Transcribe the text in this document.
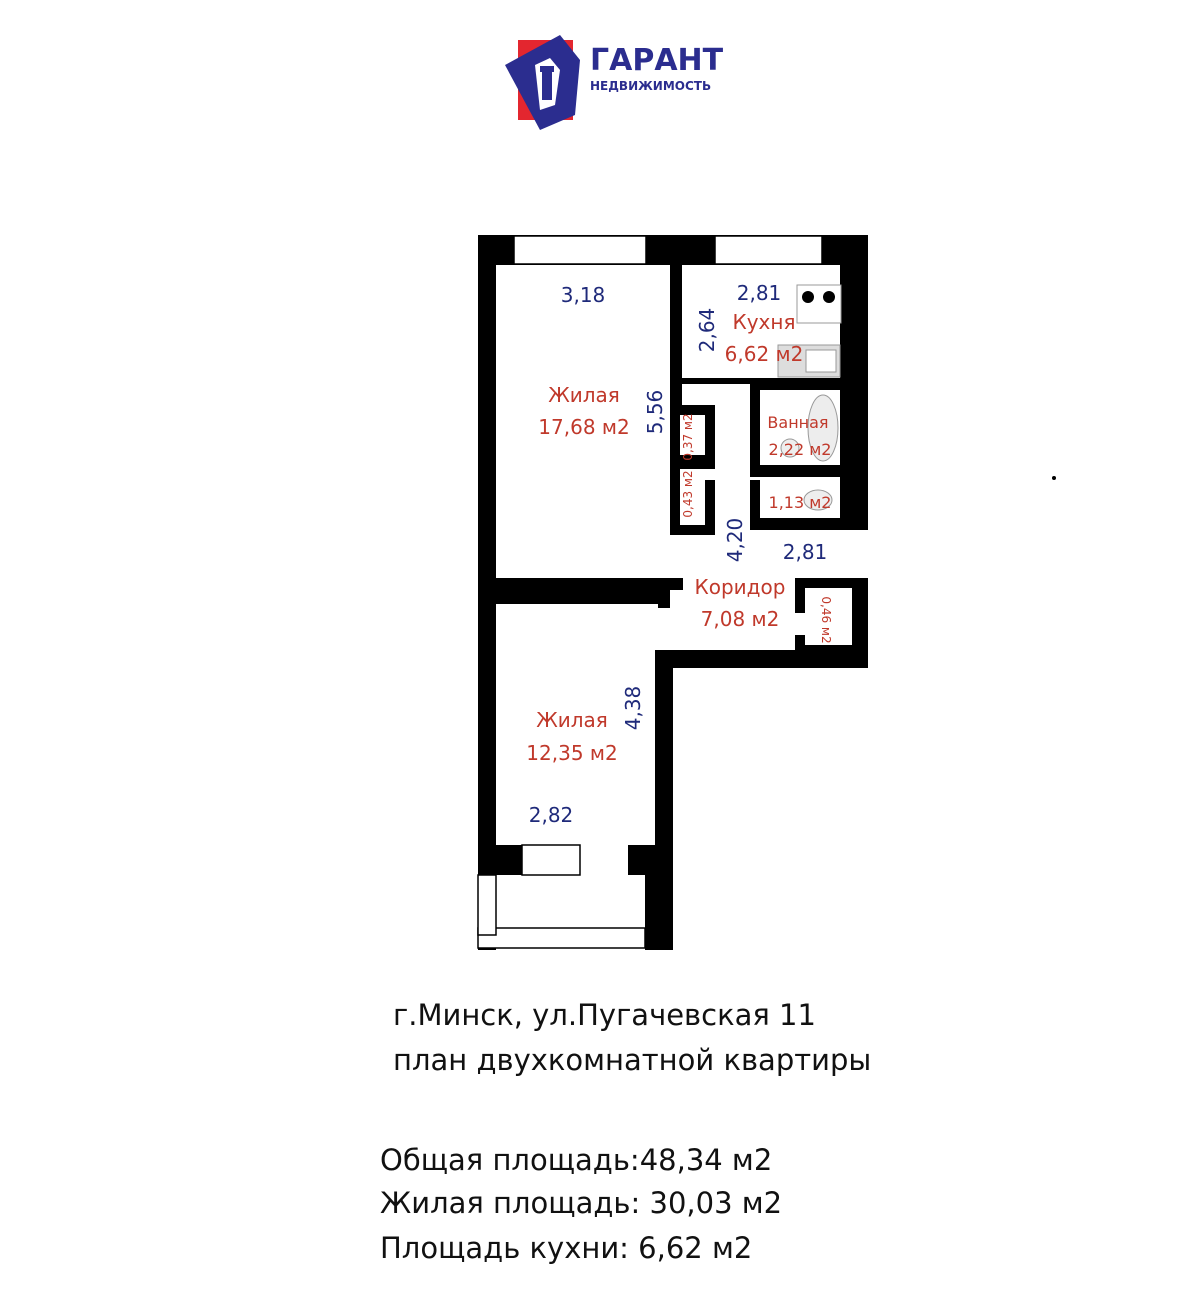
ГАРАНТ
НЕДВИЖИМОСТЬ
Жилая
17,68 м2
Кухня
6,62 м2
Ванная
2,22 м2
1,13 м2
0,37 м2
0,43 м2
Коридор
7,08 м2	0,46 м2
Жилая
12,35 м2
3,18
5,56
2,81
2,64
4,20 2,81
4,38
2,82
г.Минск, ул.Пугачевская 11
план двухкомнатной квартиры
Общая площадь:48,34 м2
Жилая площадь: 30,03 м2
Площадь кухни: 6,62 м2
